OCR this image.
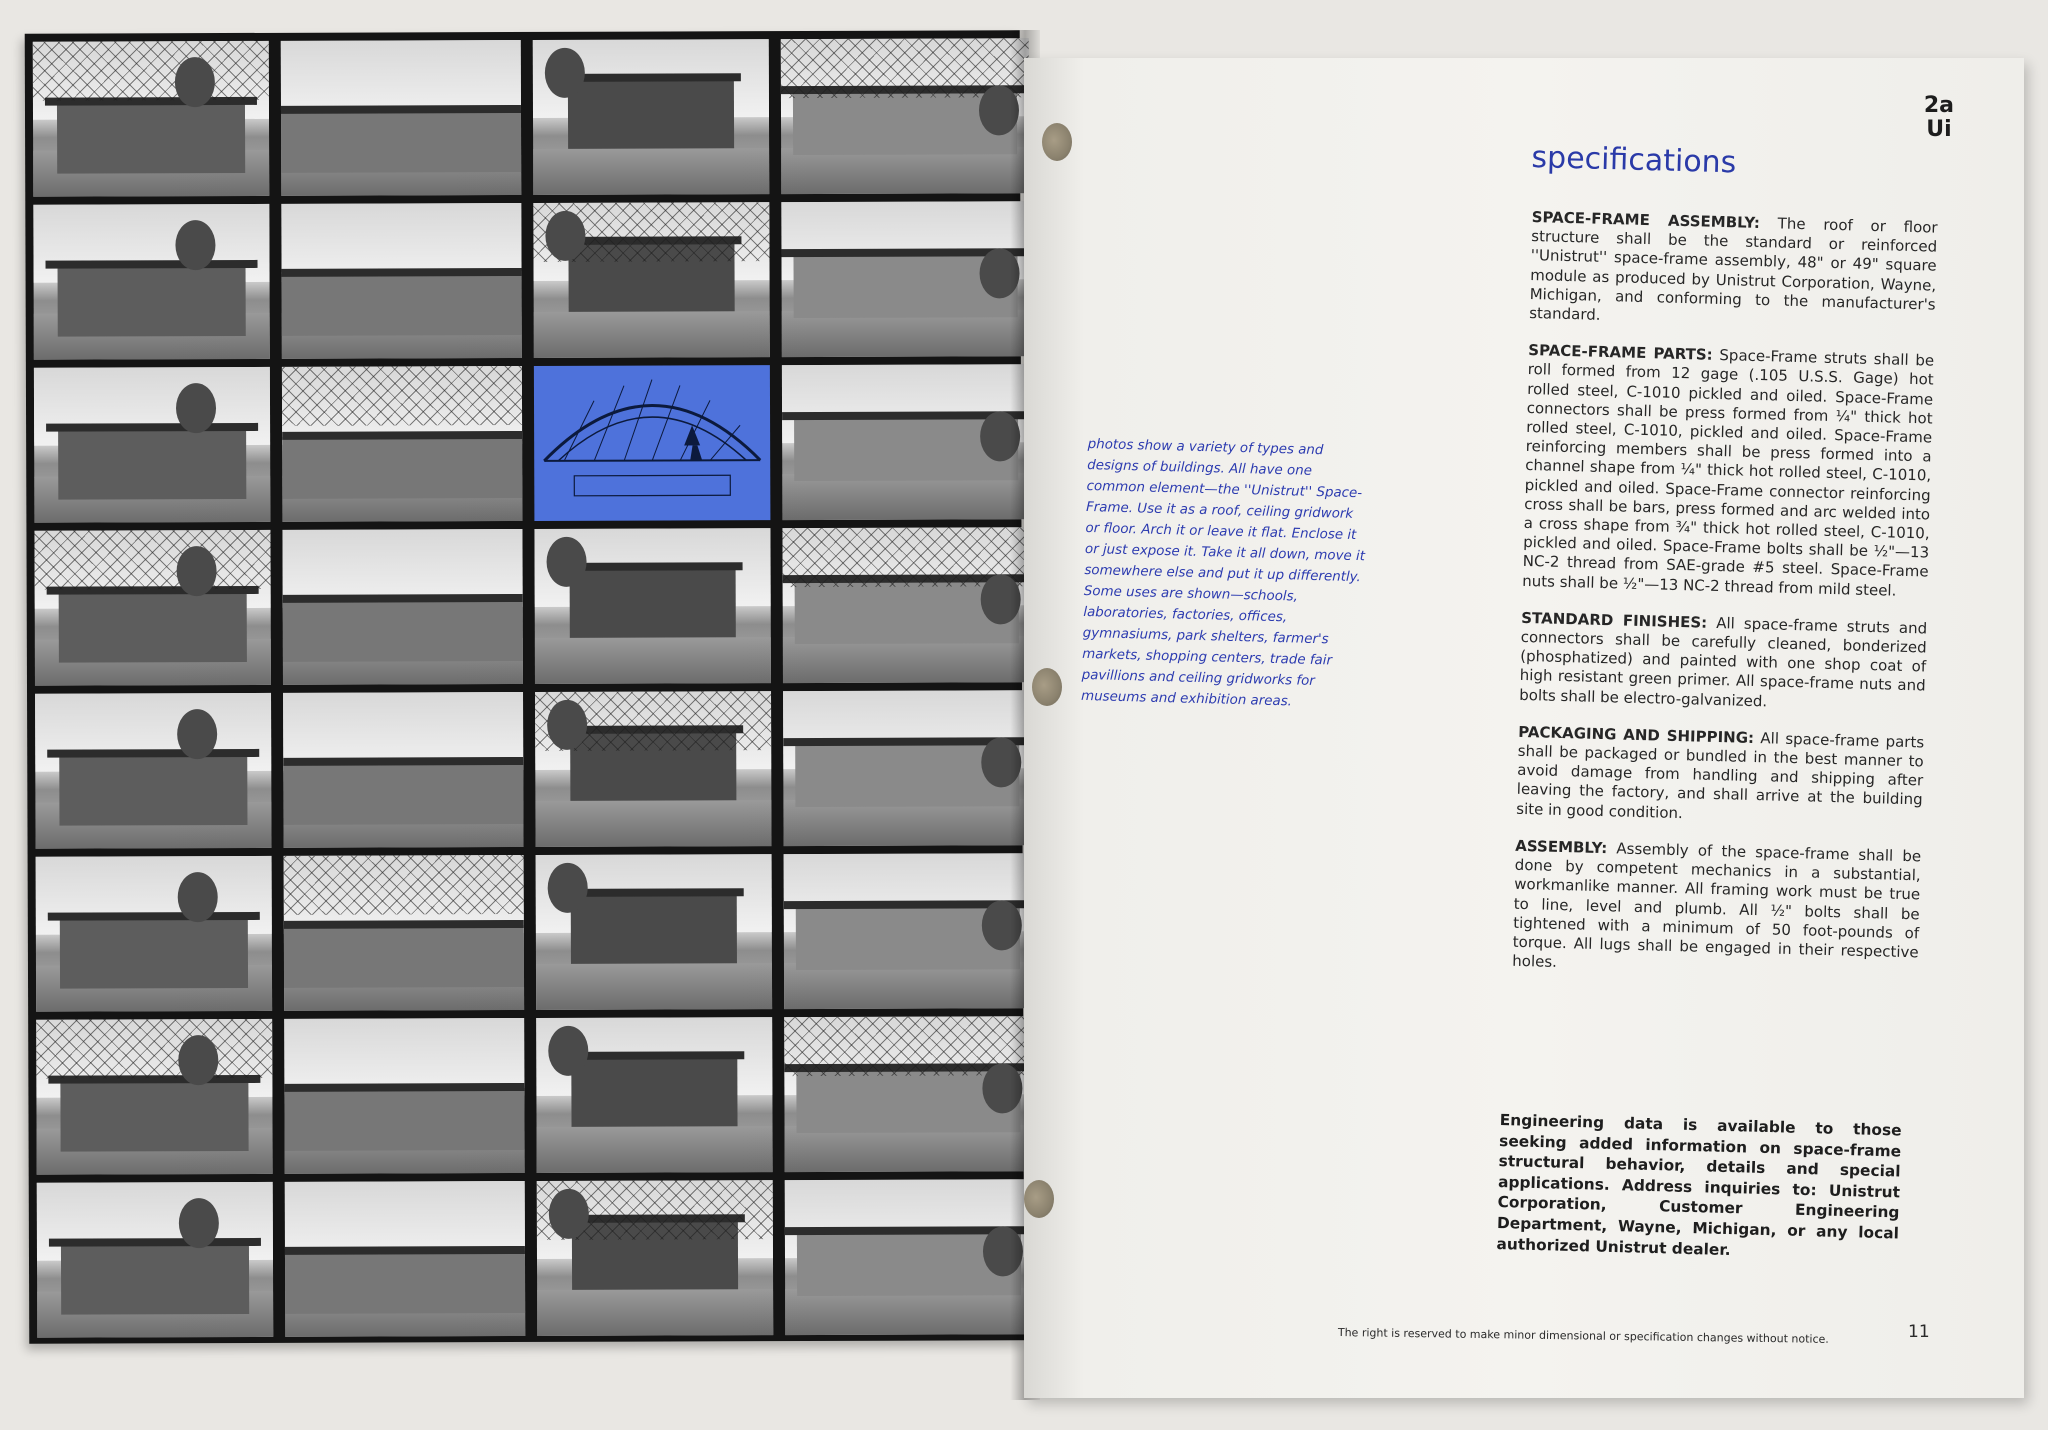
2a
Ui
specifications
photos show a variety of types and designs of buildings. All have one common element—the ''Unistrut'' Space-Frame. Use it as a roof, ceiling gridwork or floor. Arch it or leave it flat. Enclose it or just expose it. Take it all down, move it somewhere else and put it up differently. Some uses are shown—schools, laboratories, factories, offices, gymnasiums, park shelters, farmer's markets, shopping centers, trade fair pavillions and ceiling gridworks for museums and exhibition areas.

SPACE-FRAME ASSEMBLY: The roof or floor structure shall be the standard or reinforced ''Unistrut'' space-frame assembly, 48" or 49" square module as produced by Unistrut Corporation, Wayne, Michigan, and conforming to the manufacturer's standard.

SPACE-FRAME PARTS: Space-Frame struts shall be roll formed from 12 gage (.105 U.S.S. Gage) hot rolled steel, C-1010 pickled and oiled. Space-Frame connectors shall be press formed from ¼" thick hot rolled steel, C-1010, pickled and oiled. Space-Frame reinforcing members shall be press formed into a channel shape from ¼" thick hot rolled steel, C-1010, pickled and oiled. Space-Frame connector reinforcing cross shall be bars, press formed and arc welded into a cross shape from ¾" thick hot rolled steel, C-1010, pickled and oiled. Space-Frame bolts shall be ½"—13 NC-2 thread from SAE-grade #5 steel. Space-Frame nuts shall be ½"—13 NC-2 thread from mild steel.

STANDARD FINISHES: All space-frame struts and connectors shall be carefully cleaned, bonderized (phosphatized) and painted with one shop coat of high resistant green primer. All space-frame nuts and bolts shall be electro-galvanized.

PACKAGING AND SHIPPING: All space-frame parts shall be packaged or bundled in the best manner to avoid damage from handling and shipping after leaving the factory, and shall arrive at the building site in good condition.

ASSEMBLY: Assembly of the space-frame shall be done by competent mechanics in a substantial, workmanlike manner. All framing work must be true to line, level and plumb. All ½" bolts shall be tightened with a minimum of 50 foot-pounds of torque. All lugs shall be engaged in their respective holes.

Engineering data is available to those seeking added information on space-frame structural behavior, details and special applications. Address inquiries to: Unistrut Corporation, Customer Engineering Department, Wayne, Michigan, or any local authorized Unistrut dealer.
The right is reserved to make minor dimensional or specification changes without notice.	11
